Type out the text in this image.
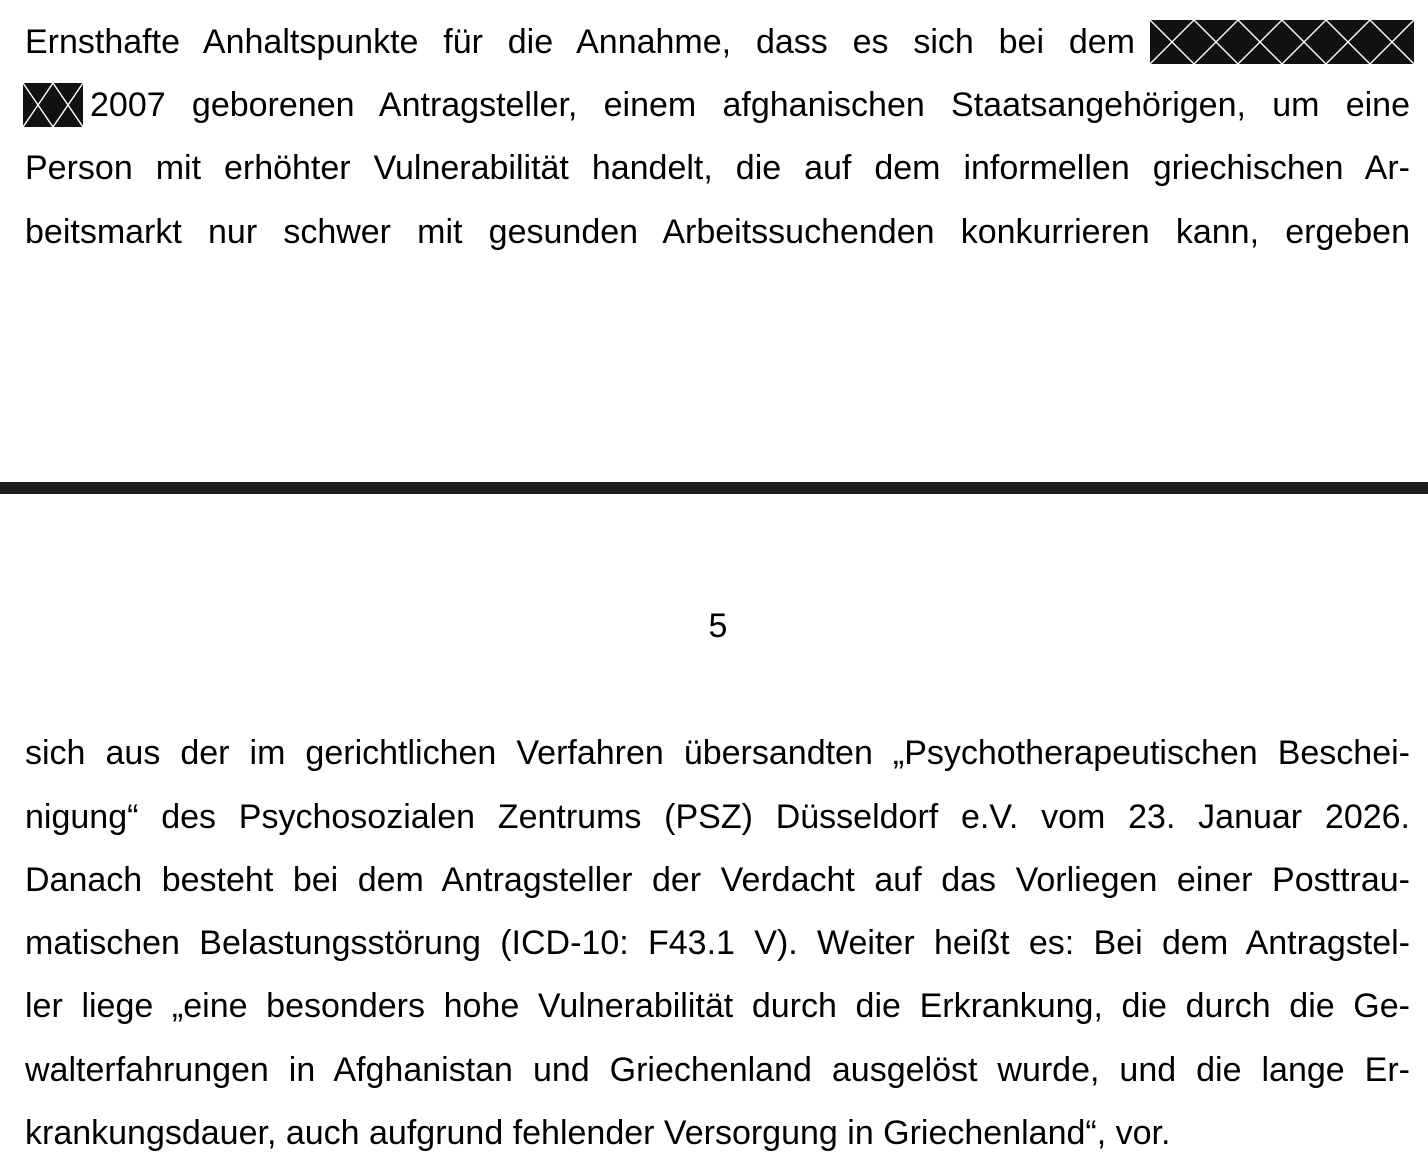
Ernsthafte Anhaltspunkte für die Annahme, dass es sich bei dem
2007 geborenen Antragsteller, einem afghanischen Staatsangehörigen, um eine
Person mit erhöhter Vulnerabilität handelt, die auf dem informellen griechischen Ar-
beitsmarkt nur schwer mit gesunden Arbeitssuchenden konkurrieren kann, ergeben
5
sich aus der im gerichtlichen Verfahren übersandten „Psychotherapeutischen Beschei-
nigung“ des Psychosozialen Zentrums (PSZ) Düsseldorf e.V. vom 23. Januar 2026.
Danach besteht bei dem Antragsteller der Verdacht auf das Vorliegen einer Posttrau-
matischen Belastungsstörung (ICD-10: F43.1 V). Weiter heißt es: Bei dem Antragstel-
ler liege „eine besonders hohe Vulnerabilität durch die Erkrankung, die durch die Ge-
walterfahrungen in Afghanistan und Griechenland ausgelöst wurde, und die lange Er-
krankungsdauer, auch aufgrund fehlender Versorgung in Griechenland“, vor.
